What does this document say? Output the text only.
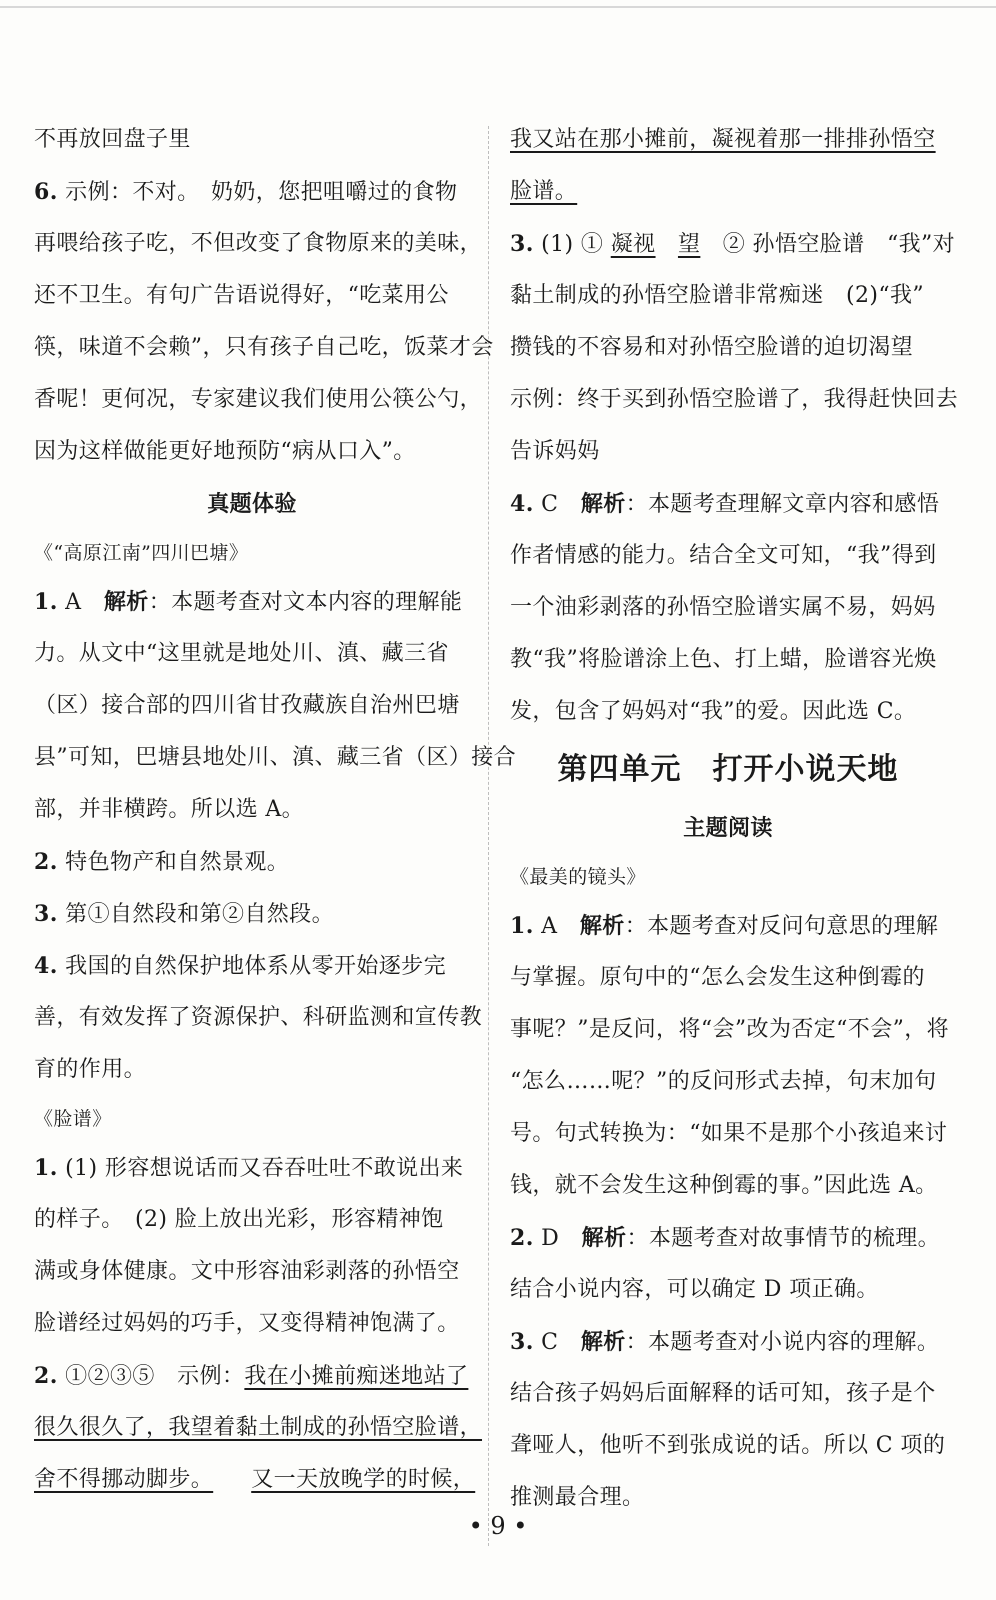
不再放回盘子里
6. 示例：不对。　奶奶，您把咀嚼过的食物
再喂给孩子吃，不但改变了食物原来的美味，
还不卫生。有句广告语说得好，“吃菜用公
筷，味道不会赖”，只有孩子自己吃，饭菜才会
香呢！更何况，专家建议我们使用公筷公勺，
因为这样做能更好地预防“病从口入”。
真题体验
《“高原江南”四川巴塘》
1. A　解析：本题考查对文本内容的理解能
力。从文中“这里就是地处川、滇、藏三省
（区）接合部的四川省甘孜藏族自治州巴塘
县”可知，巴塘县地处川、滇、藏三省（区）接合
部，并非横跨。所以选 A。
2. 特色物产和自然景观。
3. 第①自然段和第②自然段。
4. 我国的自然保护地体系从零开始逐步完
善，有效发挥了资源保护、科研监测和宣传教
育的作用。
《脸谱》
1. (1) 形容想说话而又吞吞吐吐不敢说出来
的样子。　(2) 脸上放出光彩，形容精神饱
满或身体健康。文中形容油彩剥落的孙悟空
脸谱经过妈妈的巧手，又变得精神饱满了。
2. ①②③⑤　示例：我在小摊前痴迷地站了
很久很久了，我望着黏土制成的孙悟空脸谱，
舍不得挪动脚步。 又一天放晚学的时候，
我又站在那小摊前，凝视着那一排排孙悟空
脸谱。
3. (1) ① 凝视　 望　② 孙悟空脸谱　“我”对
黏土制成的孙悟空脸谱非常痴迷　(2)“我”
攒钱的不容易和对孙悟空脸谱的迫切渴望
示例：终于买到孙悟空脸谱了，我得赶快回去
告诉妈妈
4. C　解析：本题考查理解文章内容和感悟
作者情感的能力。结合全文可知，“我”得到
一个油彩剥落的孙悟空脸谱实属不易，妈妈
教“我”将脸谱涂上色、打上蜡，脸谱容光焕
发，包含了妈妈对“我”的爱。因此选 C。
第四单元　打开小说天地
主题阅读
《最美的镜头》
1. A　解析：本题考查对反问句意思的理解
与掌握。原句中的“怎么会发生这种倒霉的
事呢？”是反问，将“会”改为否定“不会”，将
“怎么……呢？”的反问形式去掉，句末加句
号。句式转换为：“如果不是那个小孩追来讨
钱，就不会发生这种倒霉的事。”因此选 A。
2. D　解析：本题考查对故事情节的梳理。
结合小说内容，可以确定 D 项正确。
3. C　解析：本题考查对小说内容的理解。
结合孩子妈妈后面解释的话可知，孩子是个
聋哑人，他听不到张成说的话。所以 C 项的
推测最合理。
• 9 •
